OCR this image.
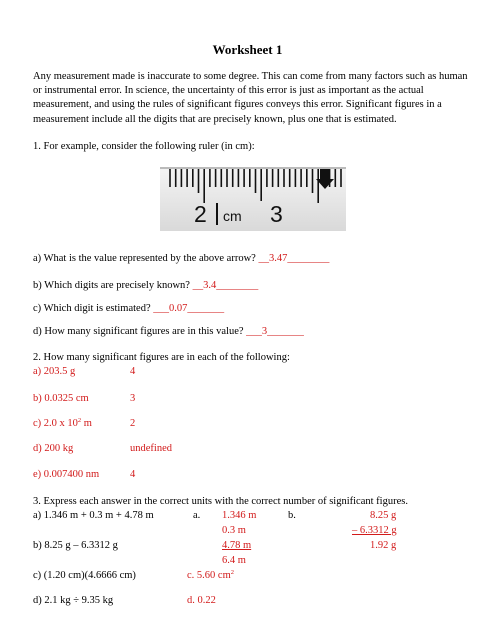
Worksheet 1
Any measurement made is inaccurate to some degree. This can come from many factors such as human or instrumental error. In science, the uncertainty of this error is just as important as the actual measurement, and using the rules of significant figures conveys this error. Significant figures in a measurement include all the digits that are precisely known, plus one that is estimated.
1. For example, consider the following ruler (in cm):
2 cm 3
a) What is the value represented by the above arrow? __3.47________
b) Which digits are precisely known? __3.4________
c) Which digit is estimated? ___0.07_______
d) How many significant figures are in this value? ___3_______
2. How many significant figures are in each of the following:
a) 203.5 g	4
b) 0.0325 cm	3
c) 2.0 x $10^2$ m	2
d) 200 kg	undefined
e) 0.007400 nm	4
3. Express each answer in the correct units with the correct number of significant figures.
a) 1.346 m + 0.3 m + 4.78 m	a. 1.346 m	b.	8.25 g
0.3 m	– 6.3312 g
b) 8.25 g – 6.3312 g	4.78 m	1.92 g
6.4 m
c) (1.20 cm)(4.6666 cm)	c. 5.60 $cm^2$
d) 2.1 kg ÷ 9.35 kg	d. 0.22
